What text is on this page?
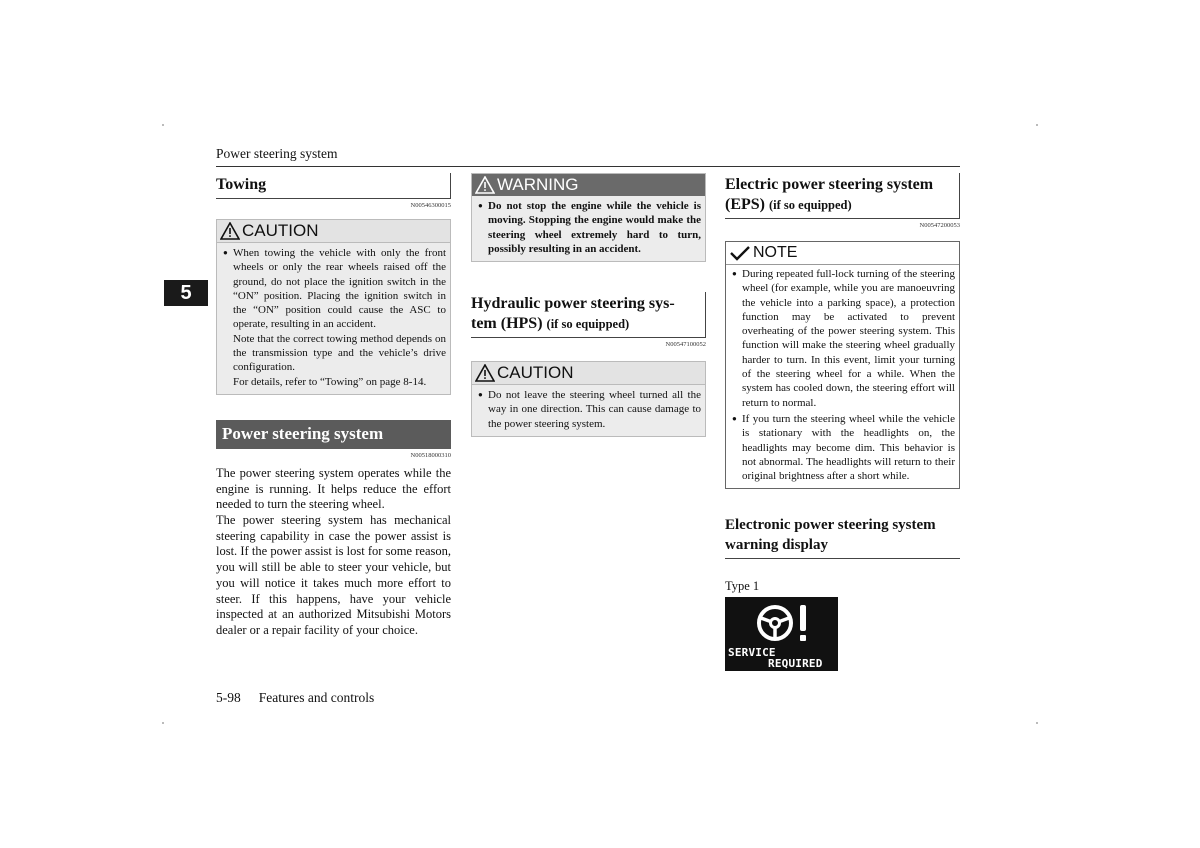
Power steering system
5
Towing
N00546300015
CAUTION
● When towing the vehicle with only the front wheels or only the rear wheels raised off the ground, do not place the ignition switch in the “ON” position. Placing the ignition switch in the “ON” position could cause the ASC to operate, resulting in an accident.
Note that the correct towing method depends on the transmission type and the vehicle’s drive configuration.
For details, refer to “Towing” on page 8-14.
Power steering system
N00518000310
The power steering system operates while the engine is running. It helps reduce the effort needed to turn the steering wheel.
The power steering system has mechanical steering capability in case the power assist is lost. If the power assist is lost for some reason, you will still be able to steer your vehicle, but you will notice it takes much more effort to steer. If this happens, have your vehicle inspected at an authorized Mitsubishi Motors dealer or a repair facility of your choice.
WARNING
● Do not stop the engine while the vehicle is moving. Stopping the engine would make the steering wheel extremely hard to turn, possibly resulting in an accident.
Hydraulic power steering sys-
tem (HPS) (if so equipped)
N00547100052
CAUTION
● Do not leave the steering wheel turned all the way in one direction. This can cause damage to the power steering system.
Electric power steering system
(EPS) (if so equipped)
N00547200053
NOTE
● During repeated full-lock turning of the steering wheel (for example, while you are manoeuvring the vehicle into a parking space), a protection function may be activated to prevent overheating of the power steering system. This function will make the steering wheel gradually harder to turn. In this event, limit your turning of the steering wheel for a while. When the system has cooled down, the steering effort will return to normal.
● If you turn the steering wheel while the vehicle is stationary with the headlights on, the headlights may become dim. This behavior is not abnormal. The headlights will return to their original brightness after a short while.
Electronic power steering system
warning display
Type 1
SERVICE
REQUIRED
5-98 Features and controls
